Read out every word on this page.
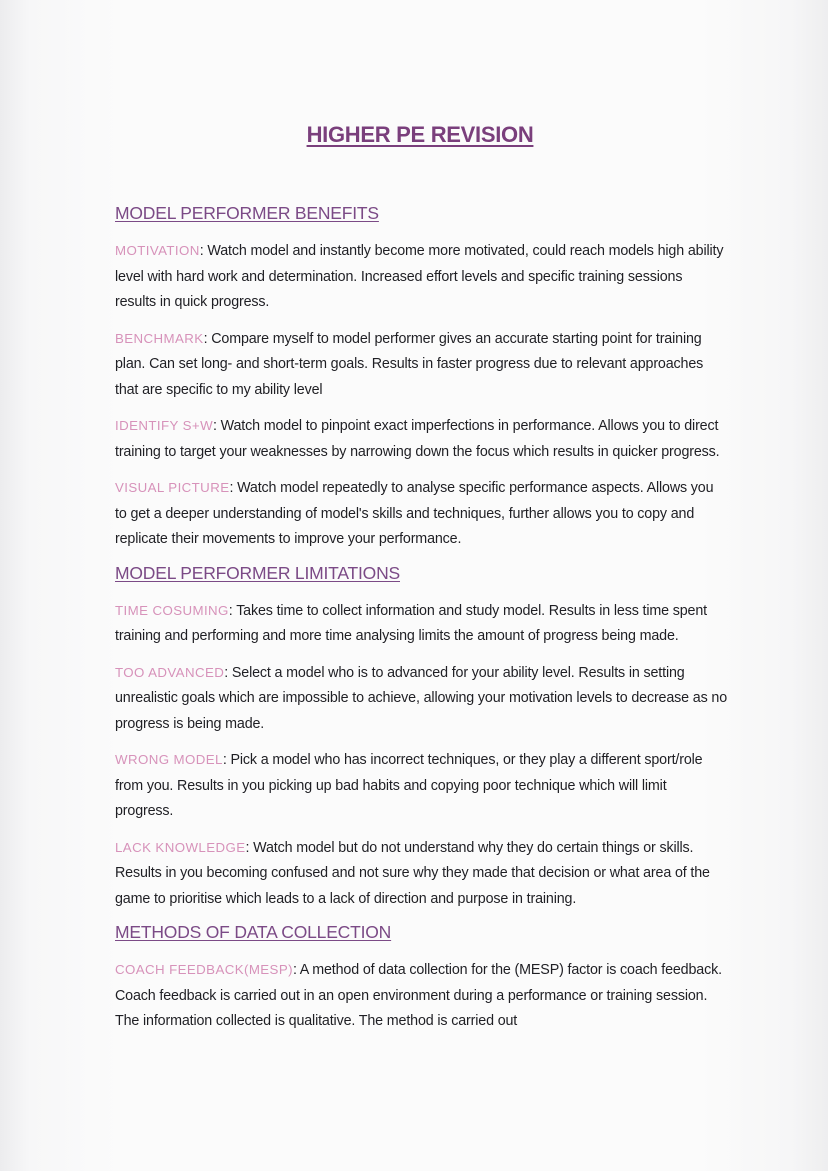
HIGHER PE REVISION
MODEL PERFORMER BENEFITS

MOTIVATION: Watch model and instantly become more motivated, could reach models high ability level with hard work and determination. Increased effort levels and specific training sessions results in quick progress.

BENCHMARK: Compare myself to model performer gives an accurate starting point for training plan. Can set long- and short-term goals. Results in faster progress due to relevant approaches that are specific to my ability level

IDENTIFY S+W: Watch model to pinpoint exact imperfections in performance. Allows you to direct training to target your weaknesses by narrowing down the focus which results in quicker progress.

VISUAL PICTURE: Watch model repeatedly to analyse specific performance aspects. Allows you to get a deeper understanding of model's skills and techniques, further allows you to copy and replicate their movements to improve your performance.

MODEL PERFORMER LIMITATIONS

TIME COSUMING: Takes time to collect information and study model. Results in less time spent training and performing and more time analysing limits the amount of progress being made.

TOO ADVANCED: Select a model who is to advanced for your ability level. Results in setting unrealistic goals which are impossible to achieve, allowing your motivation levels to decrease as no progress is being made.

WRONG MODEL: Pick a model who has incorrect techniques, or they play a different sport/role from you. Results in you picking up bad habits and copying poor technique which will limit progress.

LACK KNOWLEDGE: Watch model but do not understand why they do certain things or skills. Results in you becoming confused and not sure why they made that decision or what area of the game to prioritise which leads to a lack of direction and purpose in training.

METHODS OF DATA COLLECTION

COACH FEEDBACK(MESP): A method of data collection for the (MESP) factor is coach feedback. Coach feedback is carried out in an open environment during a performance or training session. The information collected is qualitative. The method is carried out
